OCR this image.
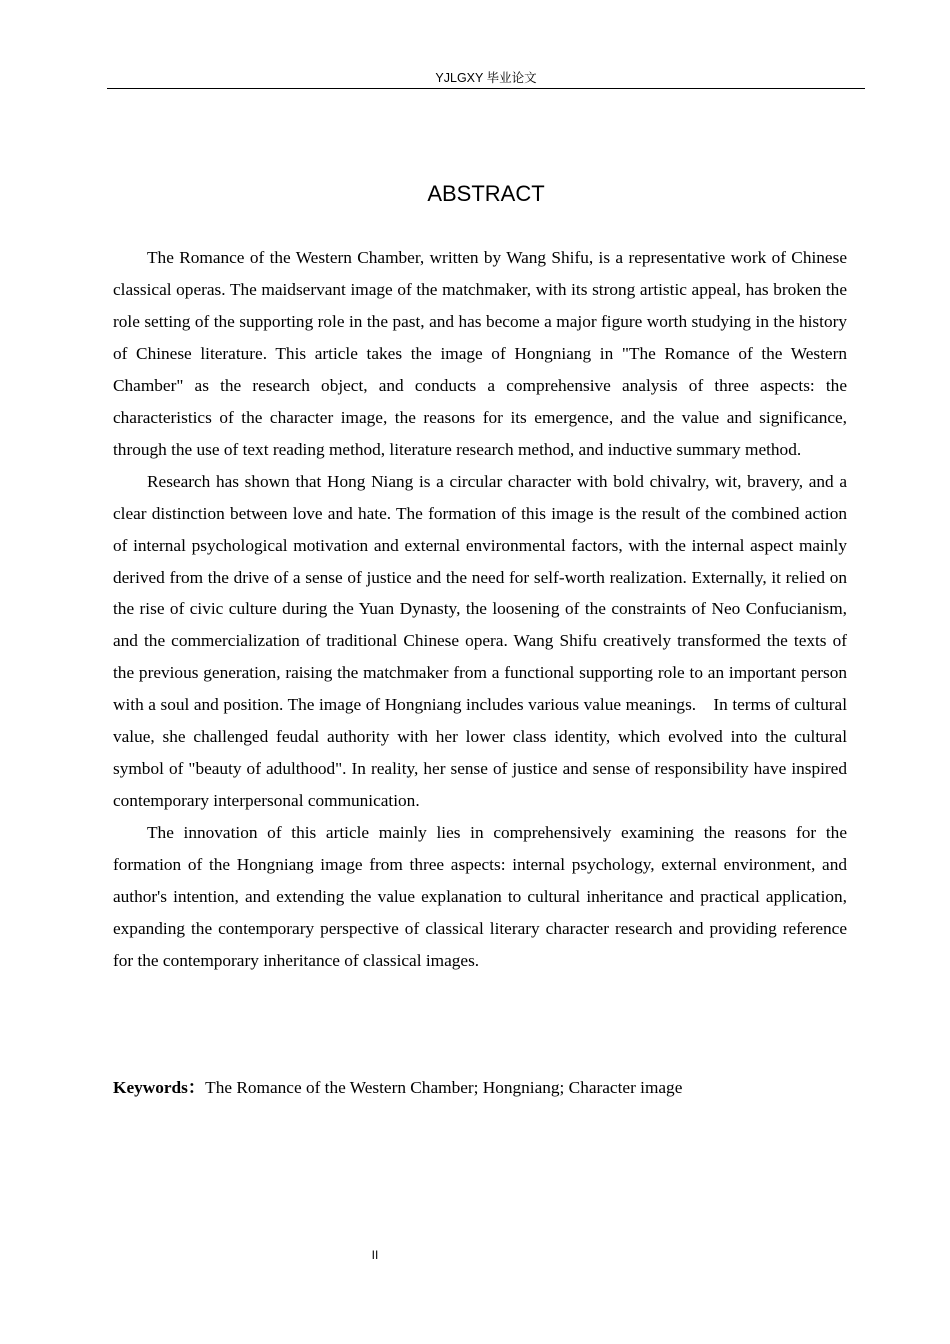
YJLGXY 毕业论文
ABSTRACT

The Romance of the Western Chamber, written by Wang Shifu, is a representative work of Chinese classical operas. The maidservant image of the matchmaker, with its strong artistic appeal, has broken the role setting of the supporting role in the past, and has become a major figure worth studying in the history of Chinese literature. This article takes the image of Hongniang in "The Romance of the Western Chamber" as the research object, and conducts a comprehensive analysis of three aspects: the characteristics of the character image, the reasons for its emergence, and the value and significance, through the use of text reading method, literature research method, and inductive summary method.

Research has shown that Hong Niang is a circular character with bold chivalry, wit, bravery, and a clear distinction between love and hate. The formation of this image is the result of the combined action of internal psychological motivation and external environmental factors, with the internal aspect mainly derived from the drive of a sense of justice and the need for self-worth realization. Externally, it relied on the rise of civic culture during the Yuan Dynasty, the loosening of the constraints of Neo Confucianism, and the commercialization of traditional Chinese opera. Wang Shifu creatively transformed the texts of the previous generation, raising the matchmaker from a functional supporting role to an important person with a soul and position. The image of Hongniang includes various value meanings. In terms of cultural value, she challenged feudal authority with her lower class identity, which evolved into the cultural symbol of "beauty of adulthood". In reality, her sense of justice and sense of responsibility have inspired contemporary interpersonal communication.

The innovation of this article mainly lies in comprehensively examining the reasons for the formation of the Hongniang image from three aspects: internal psychology, external environment, and author's intention, and extending the value explanation to cultural inheritance and practical application, expanding the contemporary perspective of classical literary character research and providing reference for the contemporary inheritance of classical images.

Keywords：The Romance of the Western Chamber; Hongniang; Character image
II
